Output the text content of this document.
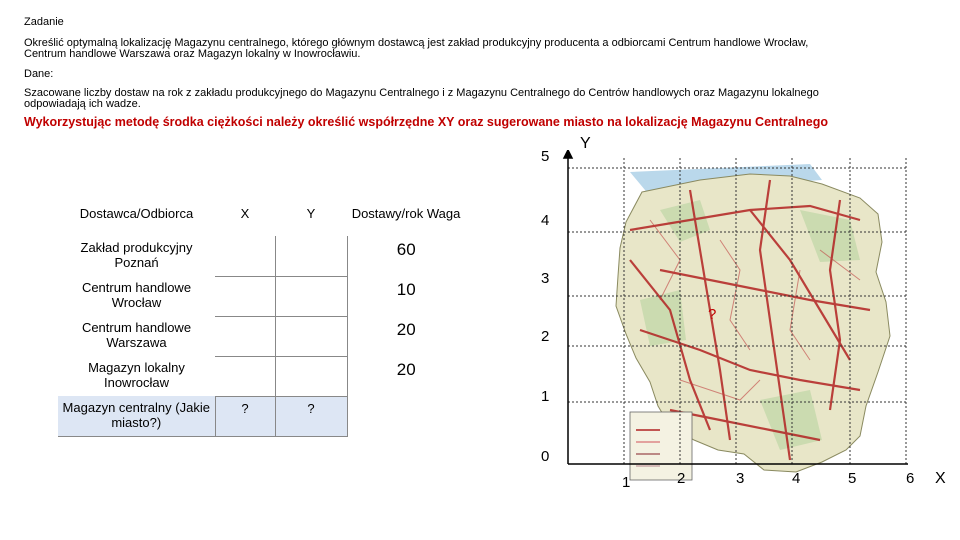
Zadanie
Określić optymalną lokalizację Magazynu centralnego, którego głównym dostawcą jest zakład produkcyjny producenta a odbiorcami Centrum handlowe Wrocław, Centrum handlowe Warszawa oraz Magazyn lokalny w Inowrocławiu.
Dane:
Szacowane liczby dostaw na rok z zakładu produkcyjnego do Magazynu Centralnego i z Magazynu Centralnego do Centrów handlowych oraz Magazynu lokalnego odpowiadają ich wadze.
Wykorzystując metodę środka ciężkości należy określić współrzędne XY oraz sugerowane miasto na lokalizację Magazynu Centralnego
Dostawca/Odbiorca	X	Y	Dostawy/rok Waga
Zakład produkcyjny Poznań			60
Centrum handlowe Wrocław			10
Centrum handlowe Warszawa			20
Magazyn lokalny Inowrocław			20
Magazyn centralny (Jakie miasto?)	?	?	
5
4
3
2
1
0
1	2	3	4	5	6
Y
X
?
